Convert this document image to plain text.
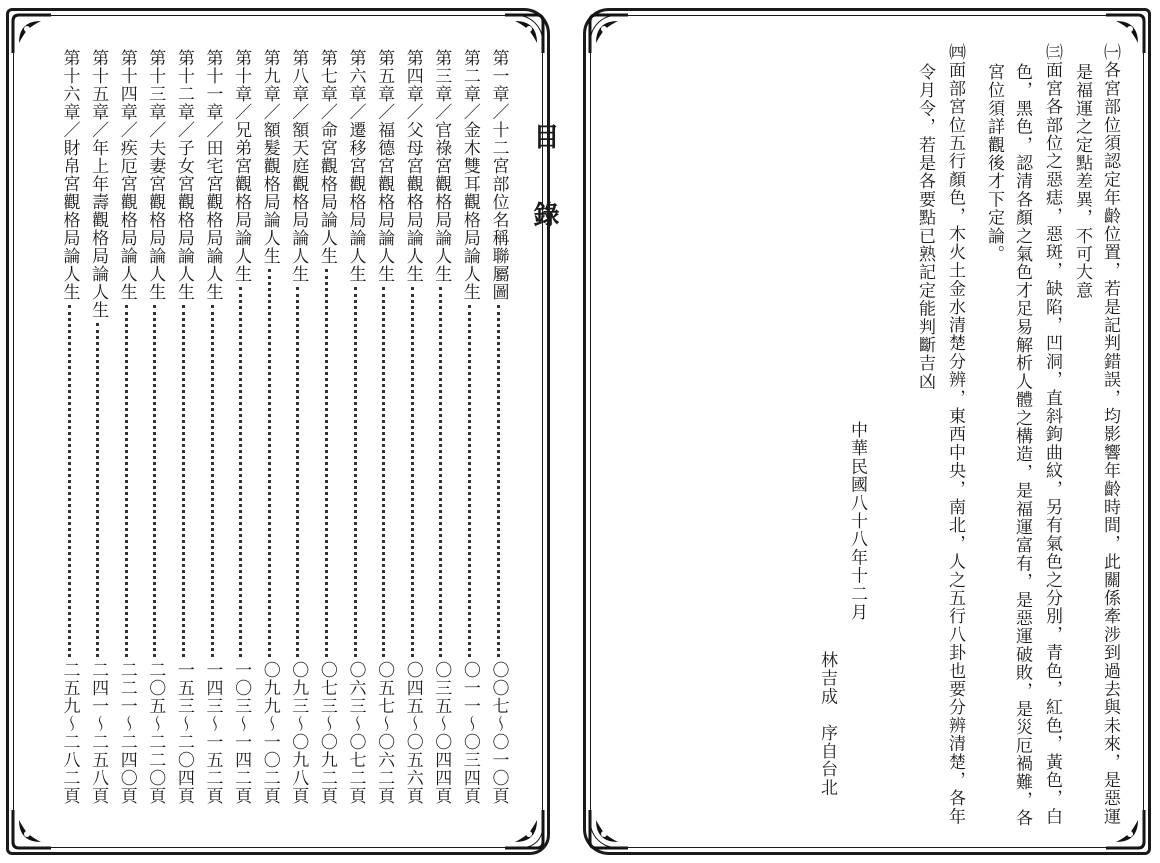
目錄
第一章／十二宮部位名稱聯屬圖
〇〇七〜〇一〇頁
第二章／金木雙耳觀格局論人生
〇一一〜〇三四頁
第三章／官祿宮觀格局論人生
〇三五〜〇四四頁
第四章／父母宮觀格局論人生
〇四五〜〇五六頁
第五章／福德宮觀格局論人生
〇五七〜〇六二頁
第六章／遷移宮觀格局論人生
〇六三〜〇七二頁
第七章／命宮觀格局論人生
〇七三〜〇九二頁
第八章／額天庭觀格局論人生
〇九三〜〇九八頁
第九章／額髮觀格局論人生
〇九九〜一〇二頁
第十章／兄弟宮觀格局論人生
一〇三〜一四二頁
第十一章／田宅宮觀格局論人生
一四三〜一五二頁
第十二章／子女宮觀格局論人生
一五三〜二〇四頁
第十三章／夫妻宮觀格局論人生
二〇五〜二二〇頁
第十四章／疾厄宮觀格局論人生
二二一〜二四〇頁
第十五章／年上年壽觀格局論人生
二四一〜二五八頁
第十六章／財帛宮觀格局論人生
二五九〜二八二頁	㈠各宮部位須認定年齡位置，若是記判錯誤，均影響年齡時間，此關係牽涉到過去與未來，是惡運
是福運之定點差異，不可大意
㈢面宮各部位之惡痣，惡斑，缺陷，凹洞，直斜鉤曲紋，另有氣色之分別，青色，紅色，黃色，白
色，黑色，認清各顏之氣色才足易解析人體之構造，是福運富有，是惡運破敗，是災厄禍難，各
宮位須詳觀後才下定論。
㈣面部宮位五行顏色，木火土金水清楚分辨，東西中央，南北，人之五行八卦也要分辨清楚，各年
令月令，若是各要點已熟記定能判斷吉凶
中華民國八十八年十二月
林吉成　序自台北
